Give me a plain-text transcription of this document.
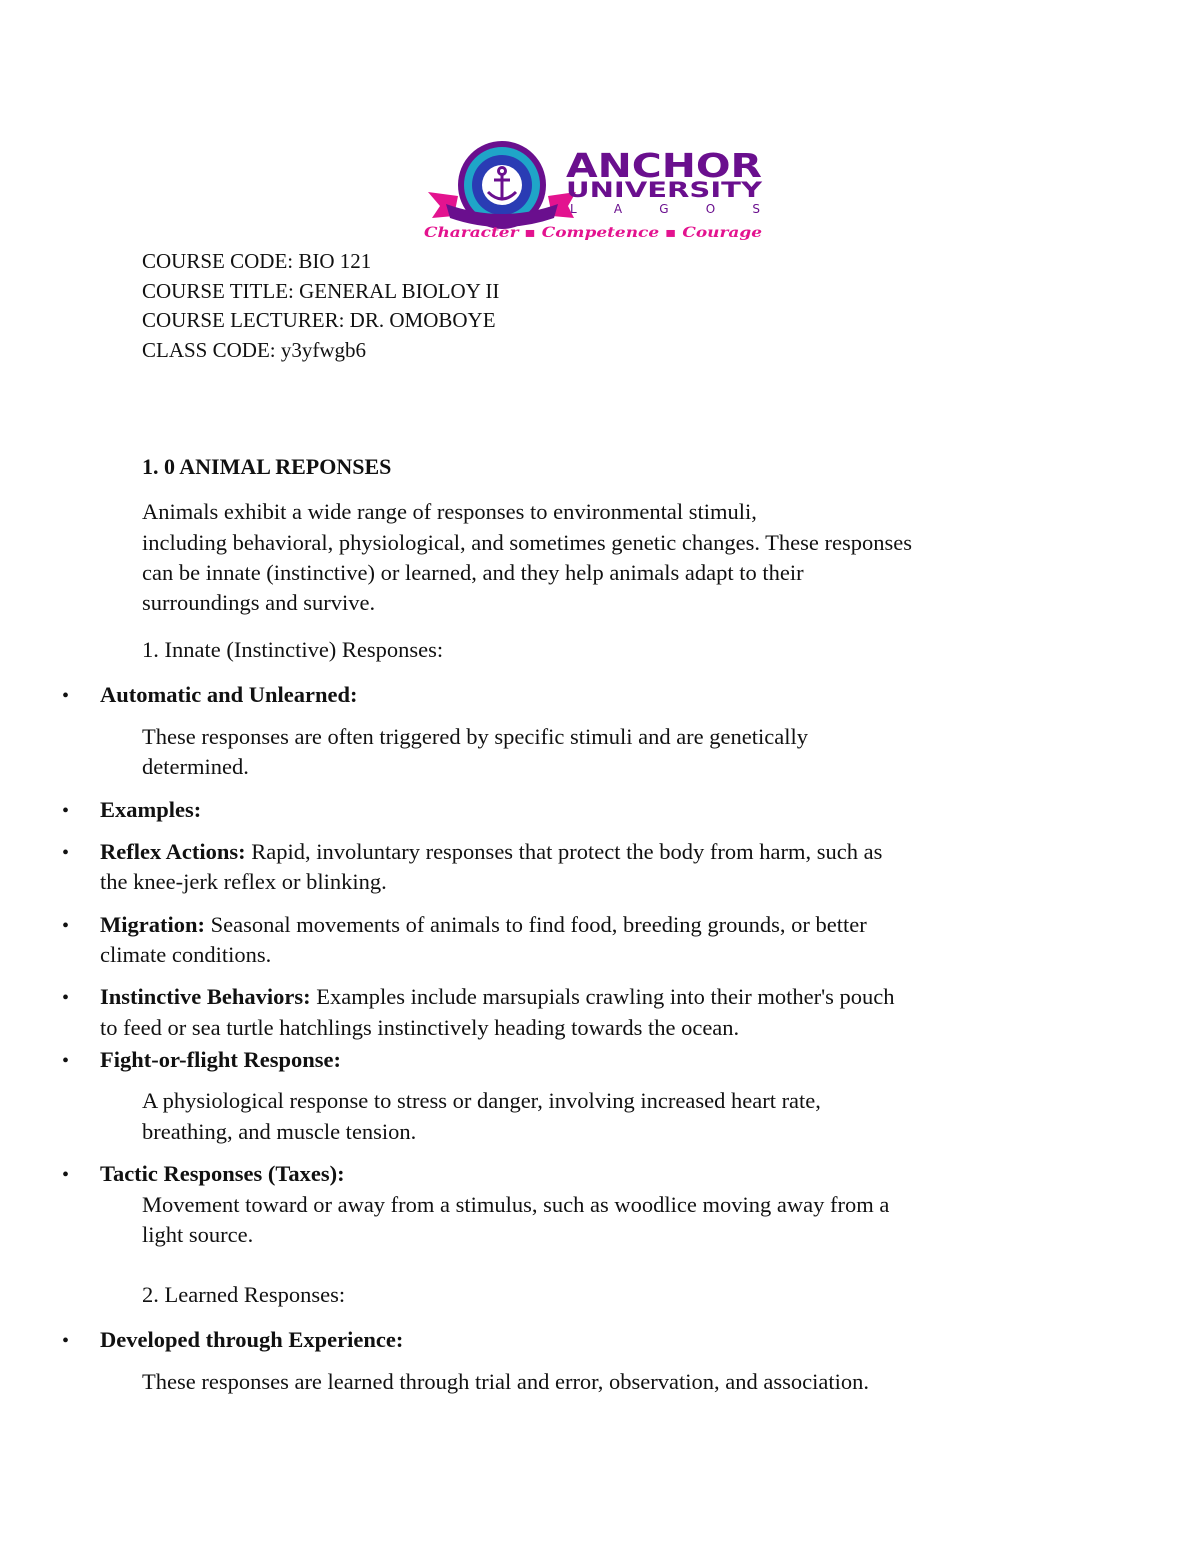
ANCHOR
UNIVERSITY
L A G O S
Character ▪ Competence ▪ Courage
COURSE CODE: BIO 121
COURSE TITLE: GENERAL BIOLOY II
COURSE LECTURER: DR. OMOBOYE
CLASS CODE: y3yfwgb6
1. 0 ANIMAL REPONSES
Animals exhibit a wide range of responses to environmental stimuli,
including behavioral, physiological, and sometimes genetic changes. These responses
can be innate (instinctive) or learned, and they help animals adapt to their
surroundings and survive.
1. Innate (Instinctive) Responses:
• Automatic and Unlearned:
These responses are often triggered by specific stimuli and are genetically
determined.
• Examples:
• Reflex Actions: Rapid, involuntary responses that protect the body from harm, such as
the knee-jerk reflex or blinking.
• Migration: Seasonal movements of animals to find food, breeding grounds, or better
climate conditions.
• Instinctive Behaviors: Examples include marsupials crawling into their mother's pouch
to feed or sea turtle hatchlings instinctively heading towards the ocean.
• Fight-or-flight Response:
A physiological response to stress or danger, involving increased heart rate,
breathing, and muscle tension.
• Tactic Responses (Taxes):
Movement toward or away from a stimulus, such as woodlice moving away from a
light source.
2. Learned Responses:
• Developed through Experience:
These responses are learned through trial and error, observation, and association.
